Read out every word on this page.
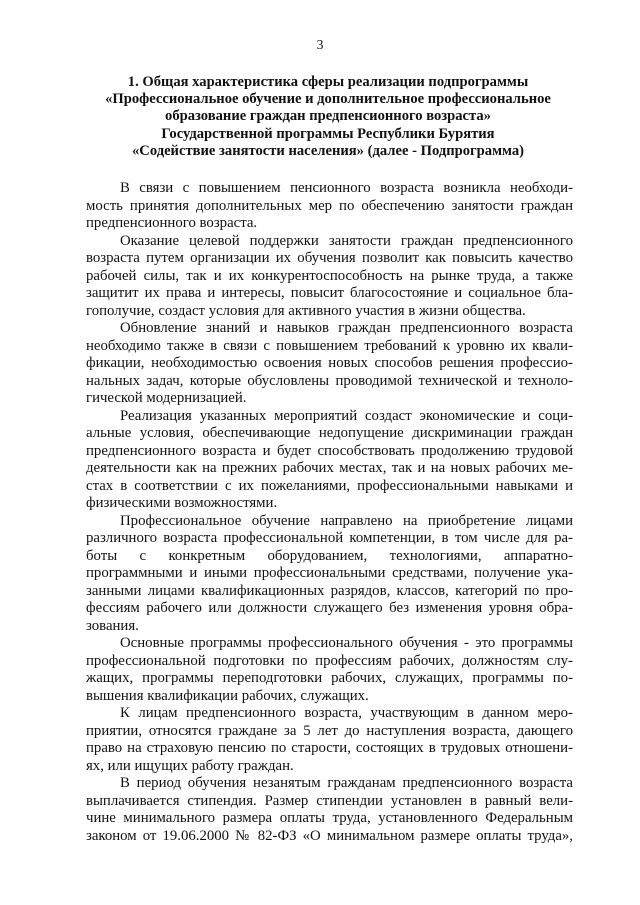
3
1. Общая характеристика сферы реализации подпрограммы
«Профессиональное обучение и дополнительное профессиональное
образование граждан предпенсионного возраста»
Государственной программы Республики Бурятия
«Содействие занятости населения» (далее - Подпрограмма)
В связи с повышением пенсионного возраста возникла необходи-
мость принятия дополнительных мер по обеспечению занятости граждан
предпенсионного возраста.
Оказание целевой поддержки занятости граждан предпенсионного
возраста путем организации их обучения позволит как повысить качество
рабочей силы, так и их конкурентоспособность на рынке труда, а также
защитит их права и интересы, повысит благосостояние и социальное бла-
гополучие, создаст условия для активного участия в жизни общества.
Обновление знаний и навыков граждан предпенсионного возраста
необходимо также в связи с повышением требований к уровню их квали-
фикации, необходимостью освоения новых способов решения профессио-
нальных задач, которые обусловлены проводимой технической и техноло-
гической модернизацией.
Реализация указанных мероприятий создаст экономические и соци-
альные условия, обеспечивающие недопущение дискриминации граждан
предпенсионного возраста и будет способствовать продолжению трудовой
деятельности как на прежних рабочих местах, так и на новых рабочих ме-
стах в соответствии с их пожеланиями, профессиональными навыками и
физическими возможностями.
Профессиональное обучение направлено на приобретение лицами
различного возраста профессиональной компетенции, в том числе для ра-
боты с конкретным оборудованием, технологиями, аппаратно-
программными и иными профессиональными средствами, получение ука-
занными лицами квалификационных разрядов, классов, категорий по про-
фессиям рабочего или должности служащего без изменения уровня обра-
зования.
Основные программы профессионального обучения - это программы
профессиональной подготовки по профессиям рабочих, должностям слу-
жащих, программы переподготовки рабочих, служащих, программы по-
вышения квалификации рабочих, служащих.
К лицам предпенсионного возраста, участвующим в данном меро-
приятии, относятся граждане за 5 лет до наступления возраста, дающего
право на страховую пенсию по старости, состоящих в трудовых отношени-
ях, или ищущих работу граждан.
В период обучения незанятым гражданам предпенсионного возраста
выплачивается стипендия. Размер стипендии установлен в равный вели-
чине минимального размера оплаты труда, установленного Федеральным
законом от 19.06.2000 № 82-ФЗ «О минимальном размере оплаты труда»,
